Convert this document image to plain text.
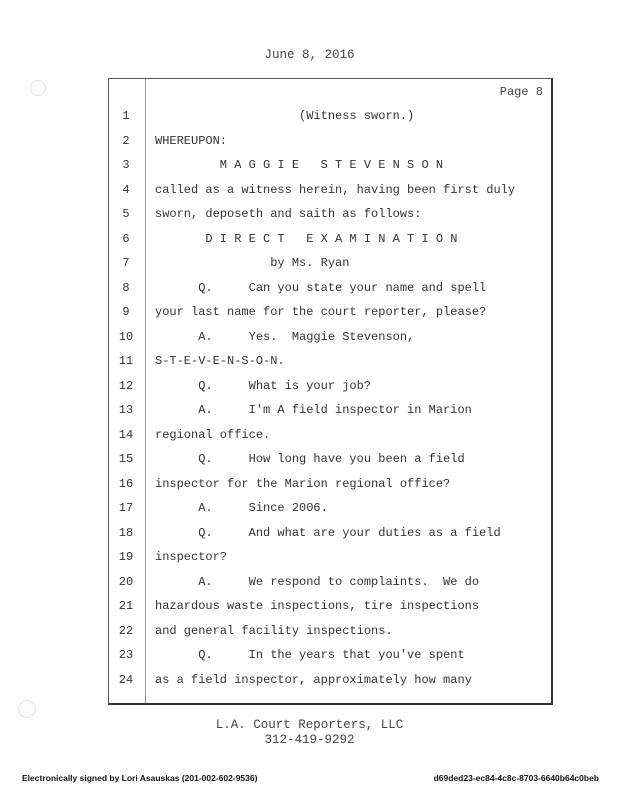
June 8, 2016
Page 8
1	(Witness sworn.)
2	WHEREUPON:
3	M A G G I E   S T E V E N S O N
4	called as a witness herein, having been first duly
5	sworn, deposeth and saith as follows:
6	D I R E C T   E X A M I N A T I O N
7	by Ms. Ryan
8	Q.     Can you state your name and spell
9	your last name for the court reporter, please?
10	A.     Yes.  Maggie Stevenson,
11	S-T-E-V-E-N-S-O-N.
12	Q.     What is your job?
13	A.     I'm A field inspector in Marion
14	regional office.
15	Q.     How long have you been a field
16	inspector for the Marion regional office?
17	A.     Since 2006.
18	Q.     And what are your duties as a field
19	inspector?
20	A.     We respond to complaints.  We do
21	hazardous waste inspections, tire inspections
22	and general facility inspections.
23	Q.     In the years that you've spent
24	as a field inspector, approximately how many
L.A. Court Reporters, LLC
312-419-9292
Electronically signed by Lori Asauskas (201-002-602-9536)	d69ded23-ec84-4c8c-8703-6640b64c0beb
